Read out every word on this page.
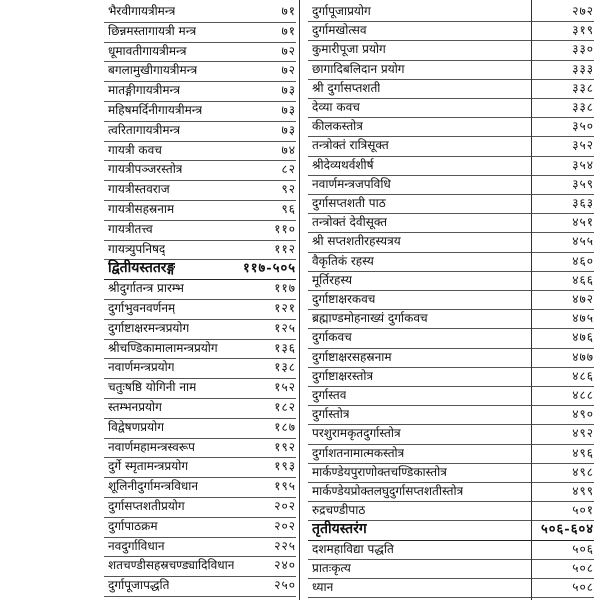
भैरवीगायत्रीमन्त्र	७१
छिन्नमस्तागायत्री मन्त्र	७१
धूमावतीगायत्रीमन्त्र	७२
बगलामुखीगायत्रीमन्त्र	७२
मातङ्गीगायत्रीमन्त्र	७३
महिषमर्दिनीगायत्रीमन्त्र	७३
त्वरितागायत्रीमन्त्र	७३
गायत्री कवच	७४
गायत्रीपञ्जरस्तोत्र	८२
गायत्रीस्तवराज	९२
गायत्रीसहस्रनाम	९६
गायत्रीतत्त्व	११०
गायत्र्युपनिषद्	११२
द्वितीयस्ततरङ्ग	११७-५०५
श्रीदुर्गातन्त्र प्रारम्भ	११७
दुर्गाभुवनवर्णनम्	१२१
दुर्गाष्टाक्षरमन्त्रप्रयोग	१२५
श्रीचण्डिकामालामन्त्रप्रयोग	१३६
नवार्णमन्त्रप्रयोग	१३८
चतुःषष्ठि योगिनी नाम	१५२
स्तम्भनप्रयोग	१८२
विद्वेषणप्रयोग	१८७
नवार्णमहामन्त्रस्वरूप	१९२
दुर्गे स्मृतामन्त्रप्रयोग	१९३
शूलिनीदुर्गामन्त्रविधान	१९५
दुर्गासप्तशतीप्रयोग	२०२
दुर्गापाठक्रम	२०२
नवदुर्गाविधान	२२५
शतचण्डीसहस्रचण्ड्यादिविधान	२४०
दुर्गापूजापद्धति	२५०
दुर्गापूजाप्रयोग	२७२
दुर्गामखोत्सव	३१९
कुमारीपूजा प्रयोग	३३०
छागादिबलिदान प्रयोग	३३३
श्री दुर्गासप्तशती	३३८
देव्या कवच	३३८
कीलकस्तोत्र	३५०
तन्त्रोक्तं रात्रिसूक्त	३५२
श्रीदेव्यथर्वशीर्ष	३५४
नवार्णमन्त्रजपविधि	३५९
दुर्गासप्तशती पाठ	३६३
तन्त्रोक्तं देवीसूक्त	४५१
श्री सप्तशतीरहस्यत्रय	४५५
वैकृतिकं रहस्य	४६०
मूर्तिरहस्य	४६६
दुर्गाष्टाक्षरकवच	४७२
ब्रह्माण्डमोहनाख्यं दुर्गाकवच	४७५
दुर्गाकवच	४७६
दुर्गाष्टाक्षरसहस्रनाम	४७७
दुर्गाष्टाक्षरस्तोत्र	४८६
दुर्गास्तव	४८८
दुर्गास्तोत्र	४९०
परशुरामकृतदुर्गास्तोत्र	४९२
दुर्गाशतनामात्मकस्तोत्र	४९६
मार्कण्डेयपुराणोक्तचण्डिकास्तोत्र	४९८
मार्कण्डेयप्रोक्तलघुदुर्गासप्तशतीस्तोत्र	४९९
रुद्रचण्डीपाठ	५०१
तृतीयस्तरंग	५०६-६०४
दशमहाविद्या पद्धति	५०६
प्रातःकृत्य	५०८
ध्यान	५०८
